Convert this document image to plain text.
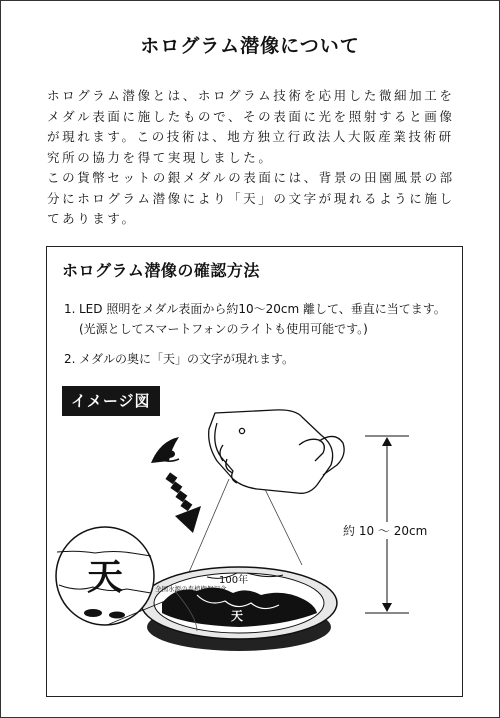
ホログラム潜像について

ホログラム潜像とは、ホログラム技術を応用した微細加工をメダル表面に施したもので、その表面に光を照射すると画像が現れます。この技術は、地方独立行政法人大阪産業技術研究所の協力を得て実現しました。

この貨幣セットの銀メダルの表面には、背景の田園風景の部分にホログラム潜像により「天」の文字が現れるように施してあります。

ホログラム潜像の確認方法
1. LED 照明をメダル表面から約10～20cm 離して、垂直に当てます。(光源としてスマートフォンのライトも使用可能です。)
2. メダルの奥に「天」の文字が現れます。
イメージ図
100年
天
全国水源の森植樹祭記念
天
約 10 ～ 20cm
